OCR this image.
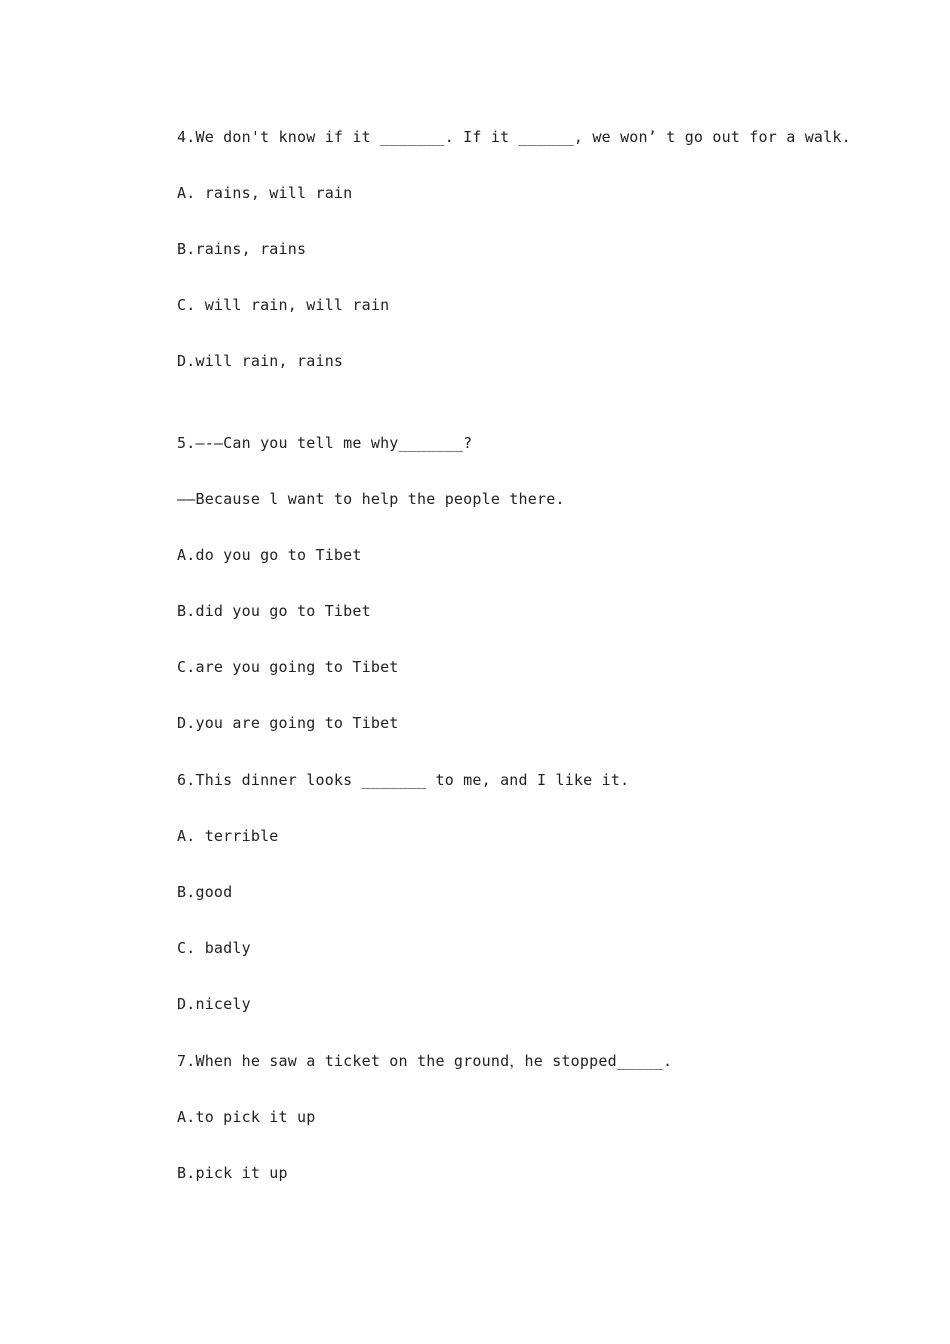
4.We don't know if it _______. If it ______, we won’ t go out for a walk.
A. rains, will rain
B.rains, rains
C. will rain, will rain
D.will rain, rains
5.—-—Can you tell me why_______?
——Because l want to help the people there.
A.do you go to Tibet
B.did you go to Tibet
C.are you going to Tibet
D.you are going to Tibet
6.This dinner looks _______ to me, and I like it.
A. terrible
B.good
C. badly
D.nicely
7.When he saw a ticket on the ground，he stopped_____.
A.to pick it up
B.pick it up
